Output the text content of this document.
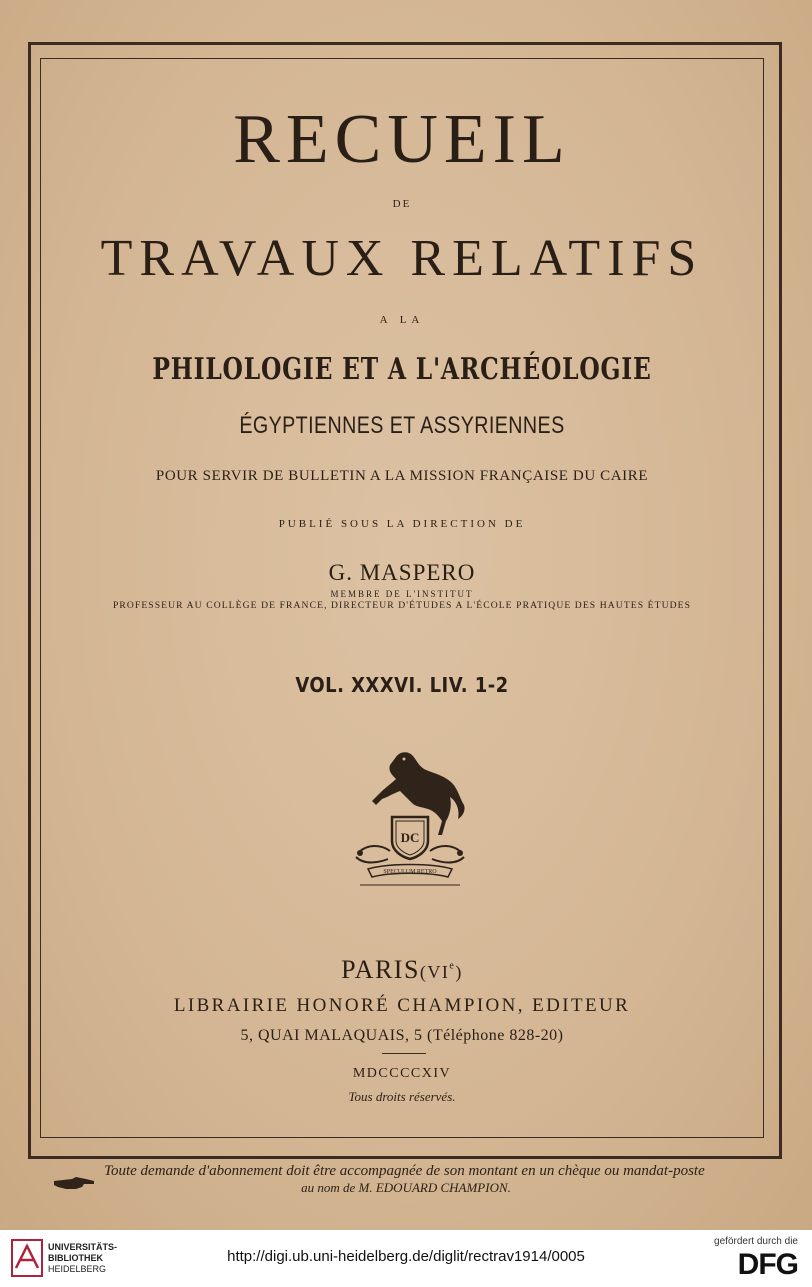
RECUEIL
DE
TRAVAUX RELATIFS
A LA
PHILOLOGIE ET A L'ARCHÉOLOGIE
ÉGYPTIENNES ET ASSYRIENNES
POUR SERVIR DE BULLETIN A LA MISSION FRANÇAISE DU CAIRE
PUBLIÉ SOUS LA DIRECTION DE
G. MASPERO
MEMBRE DE L'INSTITUT
PROFESSEUR AU COLLÈGE DE FRANCE, DIRECTEUR D'ÉTUDES A L'ÉCOLE PRATIQUE DES HAUTES ÉTUDES
VOL. XXXVI. LIV. 1-2
DC
SPECULUM RETRO
PARIS(VIe)
LIBRAIRIE HONORÉ CHAMPION, EDITEUR
5, QUAI MALAQUAIS, 5 (Téléphone 828-20)
MDCCCCXIV
Tous droits réservés.
Toute demande d'abonnement doit être accompagnée de son montant en un chèque ou mandat-poste
au nom de M. EDOUARD CHAMPION.
UNIVERSITÄTS-
BIBLIOTHEK
HEIDELBERG
http://digi.ub.uni-heidelberg.de/diglit/rectrav1914/0005
gefördert durch die
DFG
